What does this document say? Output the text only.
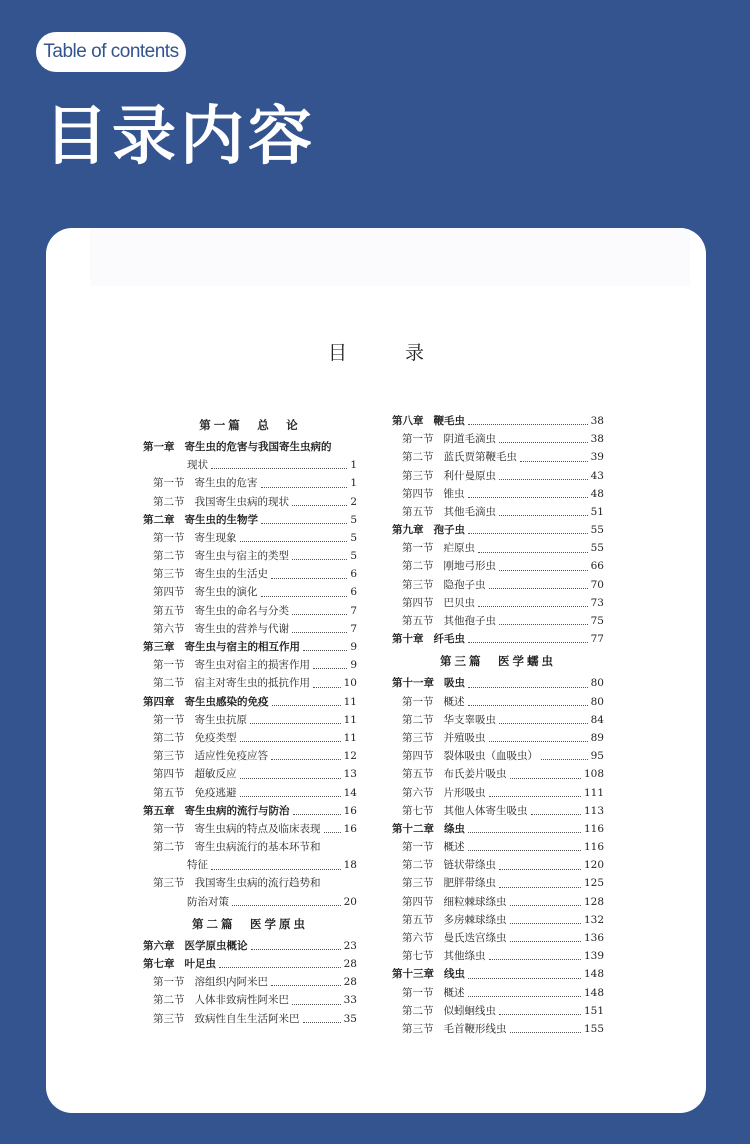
Table of contents
目录内容
目	录
第一篇　总　论
第一章 寄生虫的危害与我国寄生虫病的
现状	1
第一节 寄生虫的危害	1
第二节 我国寄生虫病的现状	2
第二章 寄生虫的生物学	5
第一节 寄生现象	5
第二节 寄生虫与宿主的类型	5
第三节 寄生虫的生活史	6
第四节 寄生虫的演化	6
第五节 寄生虫的命名与分类	7
第六节 寄生虫的营养与代谢	7
第三章 寄生虫与宿主的相互作用	9
第一节 寄生虫对宿主的损害作用	9
第二节 宿主对寄生虫的抵抗作用	10
第四章 寄生虫感染的免疫	11
第一节 寄生虫抗原	11
第二节 免疫类型	11
第三节 适应性免疫应答	12
第四节 超敏反应	13
第五节 免疫逃避	14
第五章 寄生虫病的流行与防治	16
第一节 寄生虫病的特点及临床表现 16
第二节 寄生虫病流行的基本环节和
特征	18
第三节 我国寄生虫病的流行趋势和
防治对策	20
第二篇　医学原虫
第六章 医学原虫概论	23
第七章 叶足虫	28
第一节 溶组织内阿米巴	28
第二节 人体非致病性阿米巴	33
第三节 致病性自生生活阿米巴	35
第八章 鞭毛虫	38
第一节 阴道毛滴虫	38
第二节 蓝氏贾第鞭毛虫	39
第三节 利什曼原虫	43
第四节 锥虫	48
第五节 其他毛滴虫	51
第九章 孢子虫	55
第一节 疟原虫	55
第二节 刚地弓形虫	66
第三节 隐孢子虫	70
第四节 巴贝虫	73
第五节 其他孢子虫	75
第十章 纤毛虫	77
第三篇　医学蠕虫
第十一章 吸虫	80
第一节 概述	80
第二节 华支睾吸虫	84
第三节 并殖吸虫	89
第四节 裂体吸虫（血吸虫）	95
第五节 布氏姜片吸虫	108
第六节 片形吸虫	111
第七节 其他人体寄生吸虫	113
第十二章 绦虫	116
第一节 概述	116
第二节 链状带绦虫	120
第三节 肥胖带绦虫	125
第四节 细粒棘球绦虫	128
第五节 多房棘球绦虫	132
第六节 曼氏迭宫绦虫	136
第七节 其他绦虫	139
第十三章 线虫	148
第一节 概述	148
第二节 似蚓蛔线虫	151
第三节 毛首鞭形线虫	155
